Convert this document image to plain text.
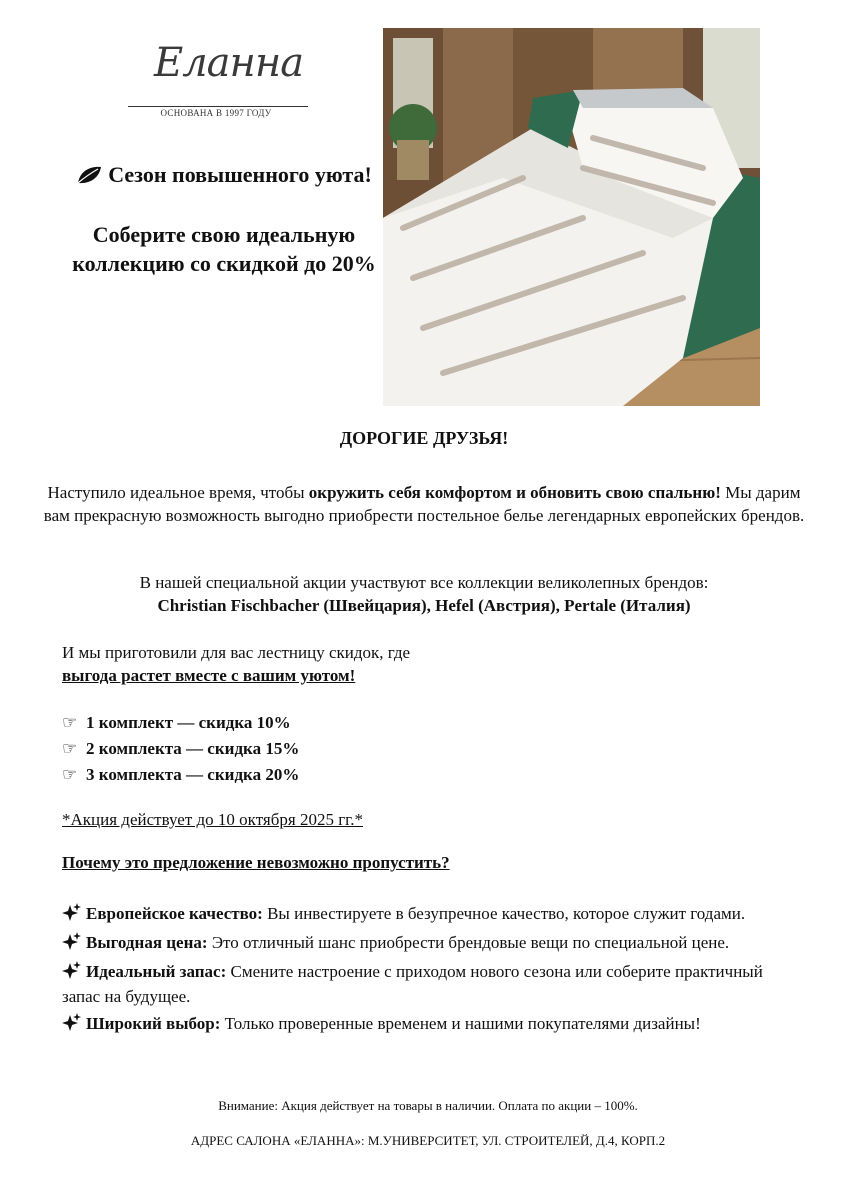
Еланна
ОСНОВАНА В 1997 ГОДУ
Сезон повышенного уюта!
Соберите свою идеальную коллекцию со скидкой до 20%
ДОРОГИЕ ДРУЗЬЯ!
Наступило идеальное время, чтобы окружить себя комфортом и обновить свою спальню! Мы дарим вам прекрасную возможность выгодно приобрести постельное белье легендарных европейских брендов.
В нашей специальной акции участвуют все коллекции великолепных брендов:
Christian Fischbacher (Швейцария), Hefel (Австрия), Pertale (Италия)
И мы приготовили для вас лестницу скидок, где
выгода растет вместе с вашим уютом!
☞ 1 комплект — скидка 10%
☞ 2 комплекта — скидка 15%
☞ 3 комплекта — скидка 20%
*Акция действует до 10 октября 2025 гг.*
Почему это предложение невозможно пропустить?
Европейское качество: Вы инвестируете в безупречное качество, которое служит годами.
Выгодная цена: Это отличный шанс приобрести брендовые вещи по специальной цене.
Идеальный запас: Смените настроение с приходом нового сезона или соберите практичный запас на будущее.
Широкий выбор: Только проверенные временем и нашими покупателями дизайны!
Внимание: Акция действует на товары в наличии. Оплата по акции – 100%.
АДРЕС САЛОНА «ЕЛАННА»: М.УНИВЕРСИТЕТ, УЛ. СТРОИТЕЛЕЙ, Д.4, КОРП.2
